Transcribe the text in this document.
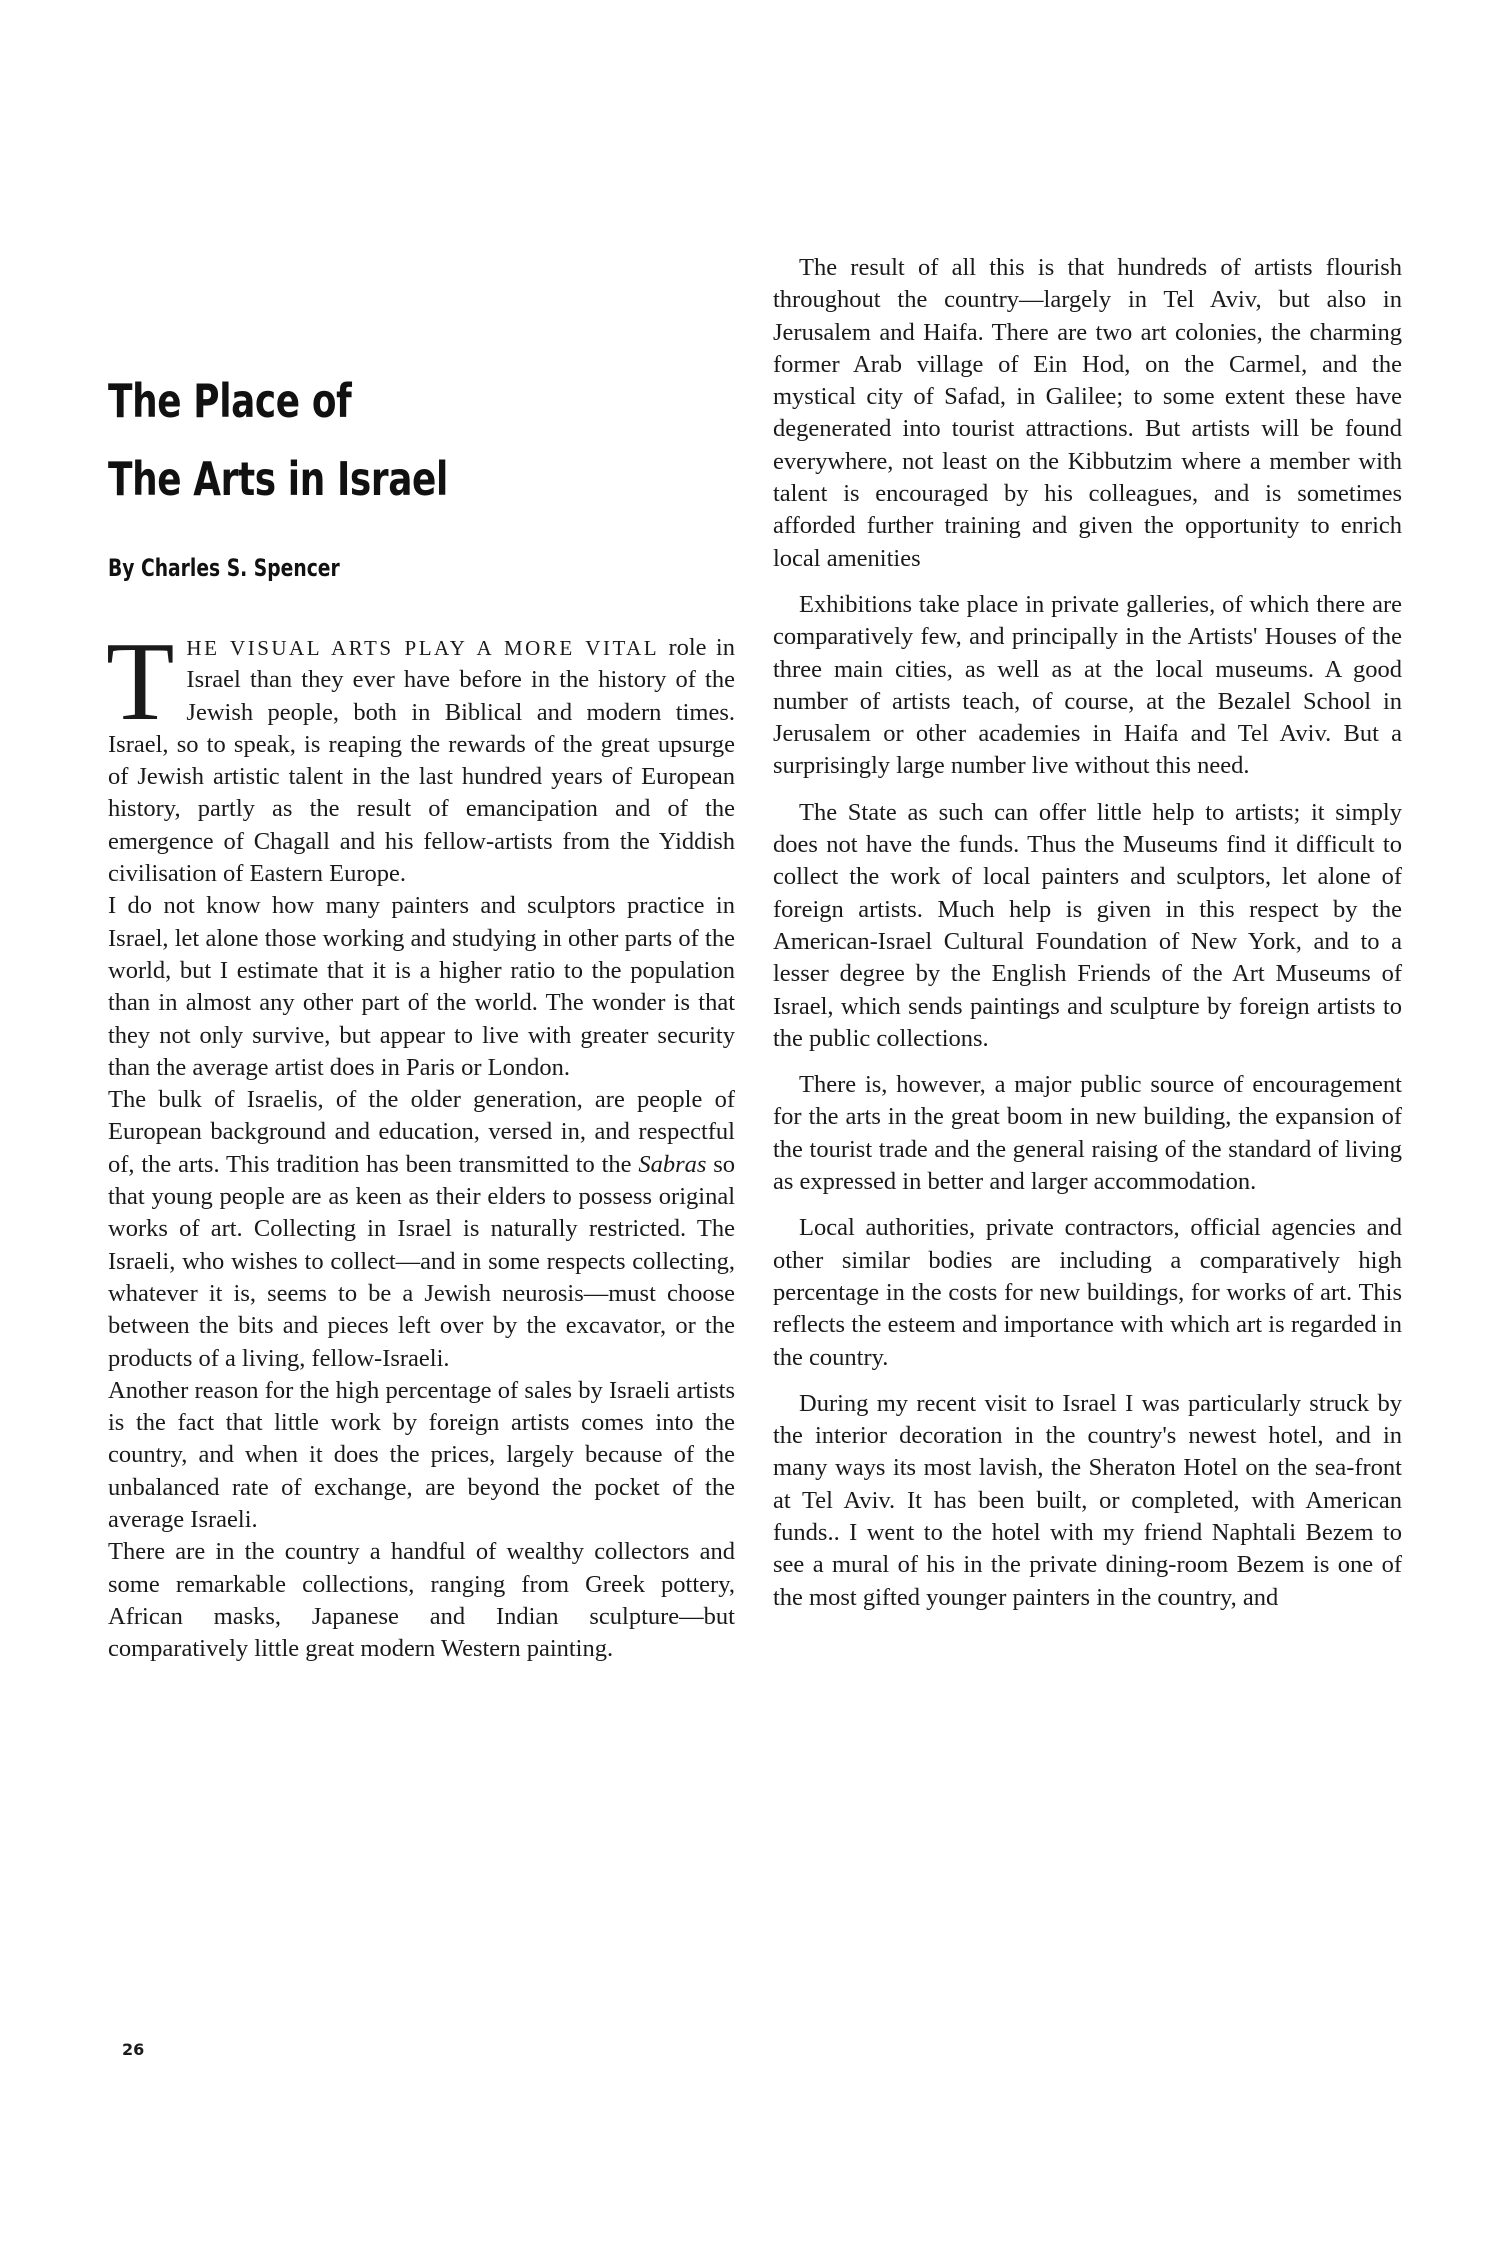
The Place of
The Arts in Israel
By Charles S. Spencer

THE VISUAL ARTS PLAY A MORE VITAL role in Israel than they ever have before in the history of the Jewish people, both in Biblical and modern times. Israel, so to speak, is reaping the rewards of the great upsurge of Jewish artistic talent in the last hundred years of European history, partly as the result of emancipation and of the emergence of Chagall and his fellow-artists from the Yiddish civilisation of Eastern Europe.

I do not know how many painters and sculptors practice in Israel, let alone those working and studying in other parts of the world, but I estimate that it is a higher ratio to the population than in almost any other part of the world. The wonder is that they not only survive, but appear to live with greater security than the average artist does in Paris or London.

The bulk of Israelis, of the older generation, are people of European background and education, versed in, and respectful of, the arts. This tradition has been transmitted to the Sabras so that young people are as keen as their elders to possess original works of art. Collecting in Israel is naturally restricted. The Israeli, who wishes to collect—and in some respects collecting, whatever it is, seems to be a Jewish neurosis—must choose between the bits and pieces left over by the excavator, or the products of a living, fellow-Israeli.

Another reason for the high percentage of sales by Israeli artists is the fact that little work by foreign artists comes into the country, and when it does the prices, largely because of the unbalanced rate of exchange, are beyond the pocket of the average Israeli.

There are in the country a handful of wealthy collectors and some remarkable collections, ranging from Greek pottery, African masks, Japanese and Indian sculpture—but comparatively little great modern Western painting.

The result of all this is that hundreds of artists flourish throughout the country—largely in Tel Aviv, but also in Jerusalem and Haifa. There are two art colonies, the charming former Arab village of Ein Hod, on the Carmel, and the mystical city of Safad, in Galilee; to some extent these have degenerated into tourist attractions. But artists will be found everywhere, not least on the Kibbutzim where a member with talent is encouraged by his colleagues, and is sometimes afforded further training and given the opportunity to enrich local amenities

Exhibitions take place in private galleries, of which there are comparatively few, and principally in the Artists' Houses of the three main cities, as well as at the local museums. A good number of artists teach, of course, at the Bezalel School in Jerusalem or other academies in Haifa and Tel Aviv. But a surprisingly large number live without this need.

The State as such can offer little help to artists; it simply does not have the funds. Thus the Museums find it difficult to collect the work of local painters and sculptors, let alone of foreign artists. Much help is given in this respect by the American-Israel Cultural Foundation of New York, and to a lesser degree by the English Friends of the Art Museums of Israel, which sends paintings and sculpture by foreign artists to the public collections.

There is, however, a major public source of encouragement for the arts in the great boom in new building, the expansion of the tourist trade and the general raising of the standard of living as expressed in better and larger accommodation.

Local authorities, private contractors, official agencies and other similar bodies are including a comparatively high percentage in the costs for new buildings, for works of art. This reflects the esteem and importance with which art is regarded in the country.

During my recent visit to Israel I was particularly struck by the interior decoration in the country's newest hotel, and in many ways its most lavish, the Sheraton Hotel on the sea-front at Tel Aviv. It has been built, or completed, with American funds.. I went to the hotel with my friend Naphtali Bezem to see a mural of his in the private dining-room Bezem is one of the most gifted younger painters in the country, and

26
